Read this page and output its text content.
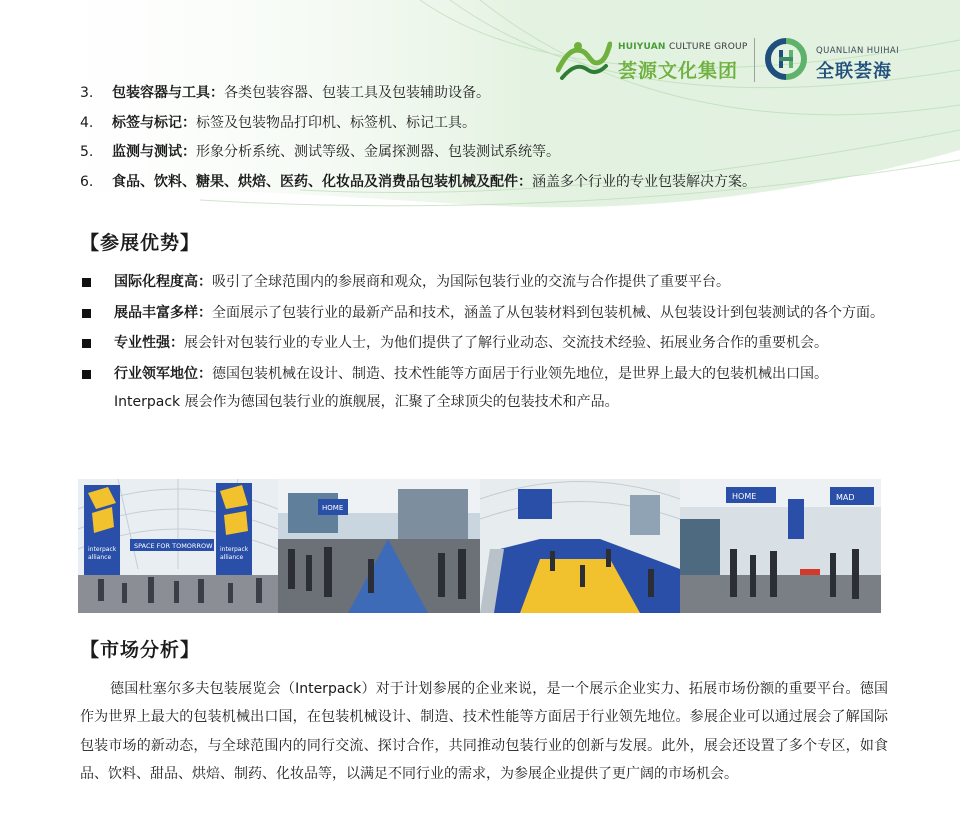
HUIYUAN CULTURE GROUP
荟源文化集团
QUANLIAN HUIHAI
全联荟海
3. 包装容器与工具：各类包装容器、包装工具及包装辅助设备。
4. 标签与标记：标签及包装物品打印机、标签机、标记工具。
5. 监测与测试：形象分析系统、测试等级、金属探测器、包装测试系统等。
6. 食品、饮料、糖果、烘焙、医药、化妆品及消费品包装机械及配件：涵盖多个行业的专业包装解决方案。
【参展优势】
国际化程度高：吸引了全球范围内的参展商和观众，为国际包装行业的交流与合作提供了重要平台。
展品丰富多样：全面展示了包装行业的最新产品和技术，涵盖了从包装材料到包装机械、从包装设计到包装测试的各个方面。
专业性强：展会针对包装行业的专业人士，为他们提供了了解行业动态、交流技术经验、拓展业务合作的重要机会。
行业领军地位：德国包装机械在设计、制造、技术性能等方面居于行业领先地位，是世界上最大的包装机械出口国。Interpack 展会作为德国包装行业的旗舰展，汇聚了全球顶尖的包装技术和产品。
interpack
alliance
interpack
alliance
SPACE FOR TOMORROW
HOME
HOME	MAD
【市场分析】
德国杜塞尔多夫包装展览会（Interpack）对于计划参展的企业来说，是一个展示企业实力、拓展市场份额的重要平台。德国作为世界上最大的包装机械出口国，在包装机械设计、制造、技术性能等方面居于行业领先地位。参展企业可以通过展会了解国际包装市场的新动态，与全球范围内的同行交流、探讨合作，共同推动包装行业的创新与发展。此外，展会还设置了多个专区，如食品、饮料、甜品、烘焙、制药、化妆品等，以满足不同行业的需求，为参展企业提供了更广阔的市场机会。
